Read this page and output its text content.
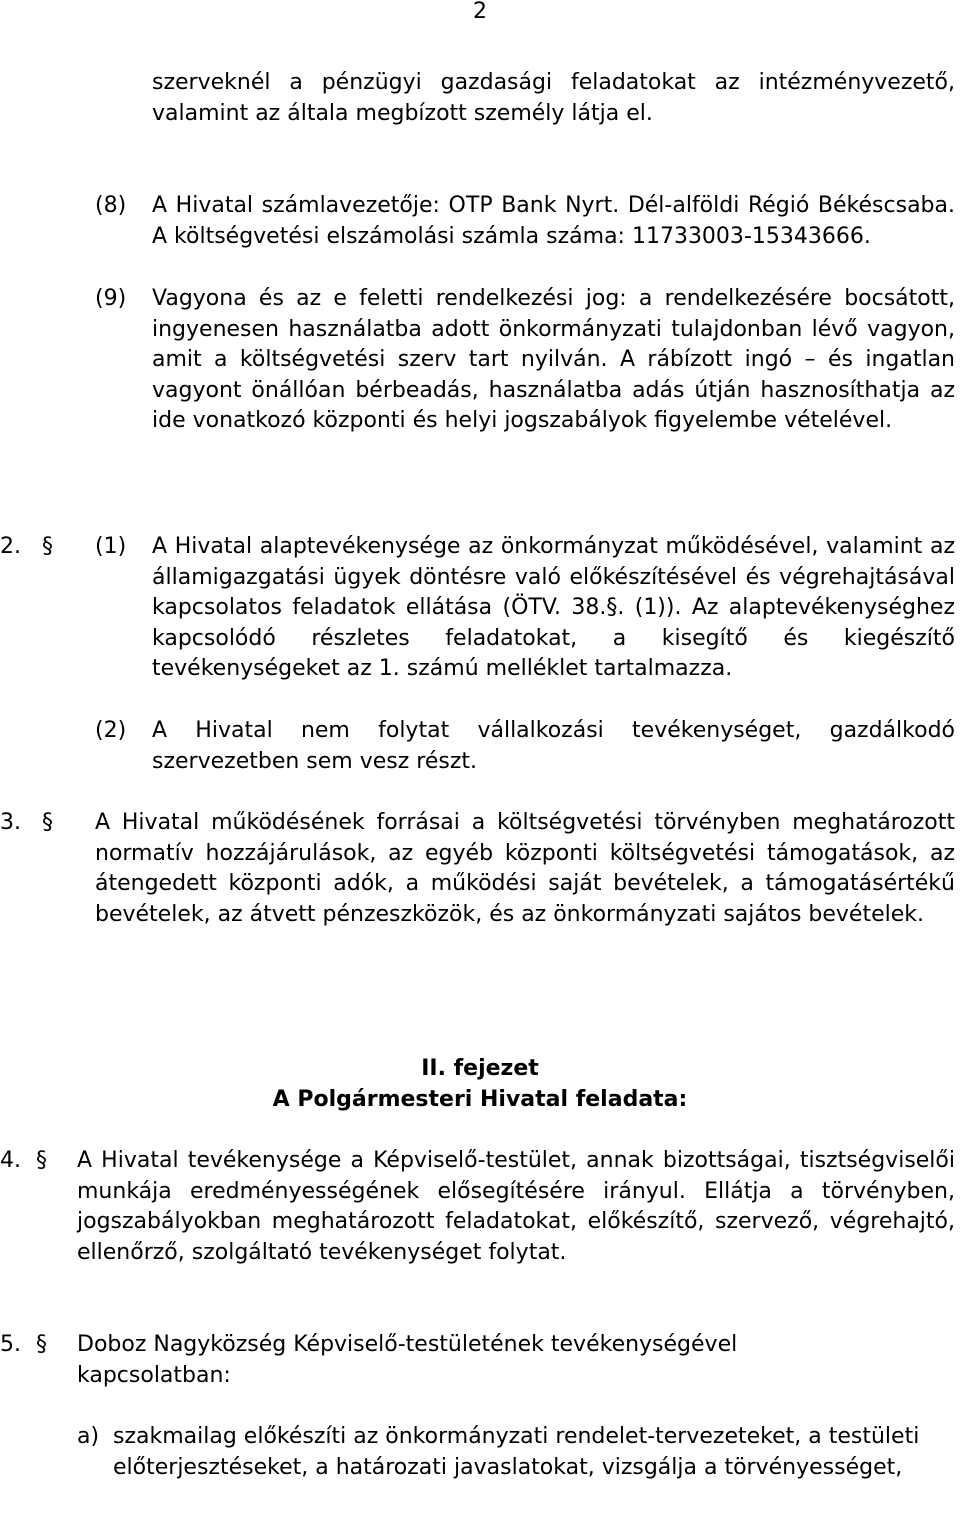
2
szerveknél a pénzügyi gazdasági feladatokat az intézményvezető, valamint az általa megbízott személy látja el.
(8) A Hivatal számlavezetője: OTP Bank Nyrt. Dél-alföldi Régió Békéscsaba. A költségvetési elszámolási számla száma: 11733003-15343666.
(9) Vagyona és az e feletti rendelkezési jog: a rendelkezésére bocsátott, ingyenesen használatba adott önkormányzati tulajdonban lévő vagyon, amit a költségvetési szerv tart nyilván. A rábízott ingó – és ingatlan vagyont önállóan bérbeadás, használatba adás útján hasznosíthatja az ide vonatkozó központi és helyi jogszabályok figyelembe vételével.
2. § (1) A Hivatal alaptevékenysége az önkormányzat működésével, valamint az államigazgatási ügyek döntésre való előkészítésével és végrehajtásával kapcsolatos feladatok ellátása (ÖTV. 38.§. (1)). Az alaptevékenységhez kapcsolódó részletes feladatokat, a kisegítő és kiegészítő tevékenységeket az 1. számú melléklet tartalmazza.
(2) A Hivatal nem folytat vállalkozási tevékenységet, gazdálkodó szervezetben sem vesz részt.
3. § A Hivatal működésének forrásai a költségvetési törvényben meghatározott normatív hozzájárulások, az egyéb központi költségvetési támogatások, az átengedett központi adók, a működési saját bevételek, a támogatásértékű bevételek, az átvett pénzeszközök, és az önkormányzati sajátos bevételek.
II. fejezet
A Polgármesteri Hivatal feladata:
4. § A Hivatal tevékenysége a Képviselő-testület, annak bizottságai, tisztségviselői munkája eredményességének elősegítésére irányul. Ellátja a törvényben, jogszabályokban meghatározott feladatokat, előkészítő, szervező, végrehajtó, ellenőrző, szolgáltató tevékenységet folytat.
5. § Doboz Nagyközség Képviselő-testületének tevékenységével kapcsolatban:
a) szakmailag előkészíti az önkormányzati rendelet-tervezeteket, a testületi előterjesztéseket, a határozati javaslatokat, vizsgálja a törvényességet,
